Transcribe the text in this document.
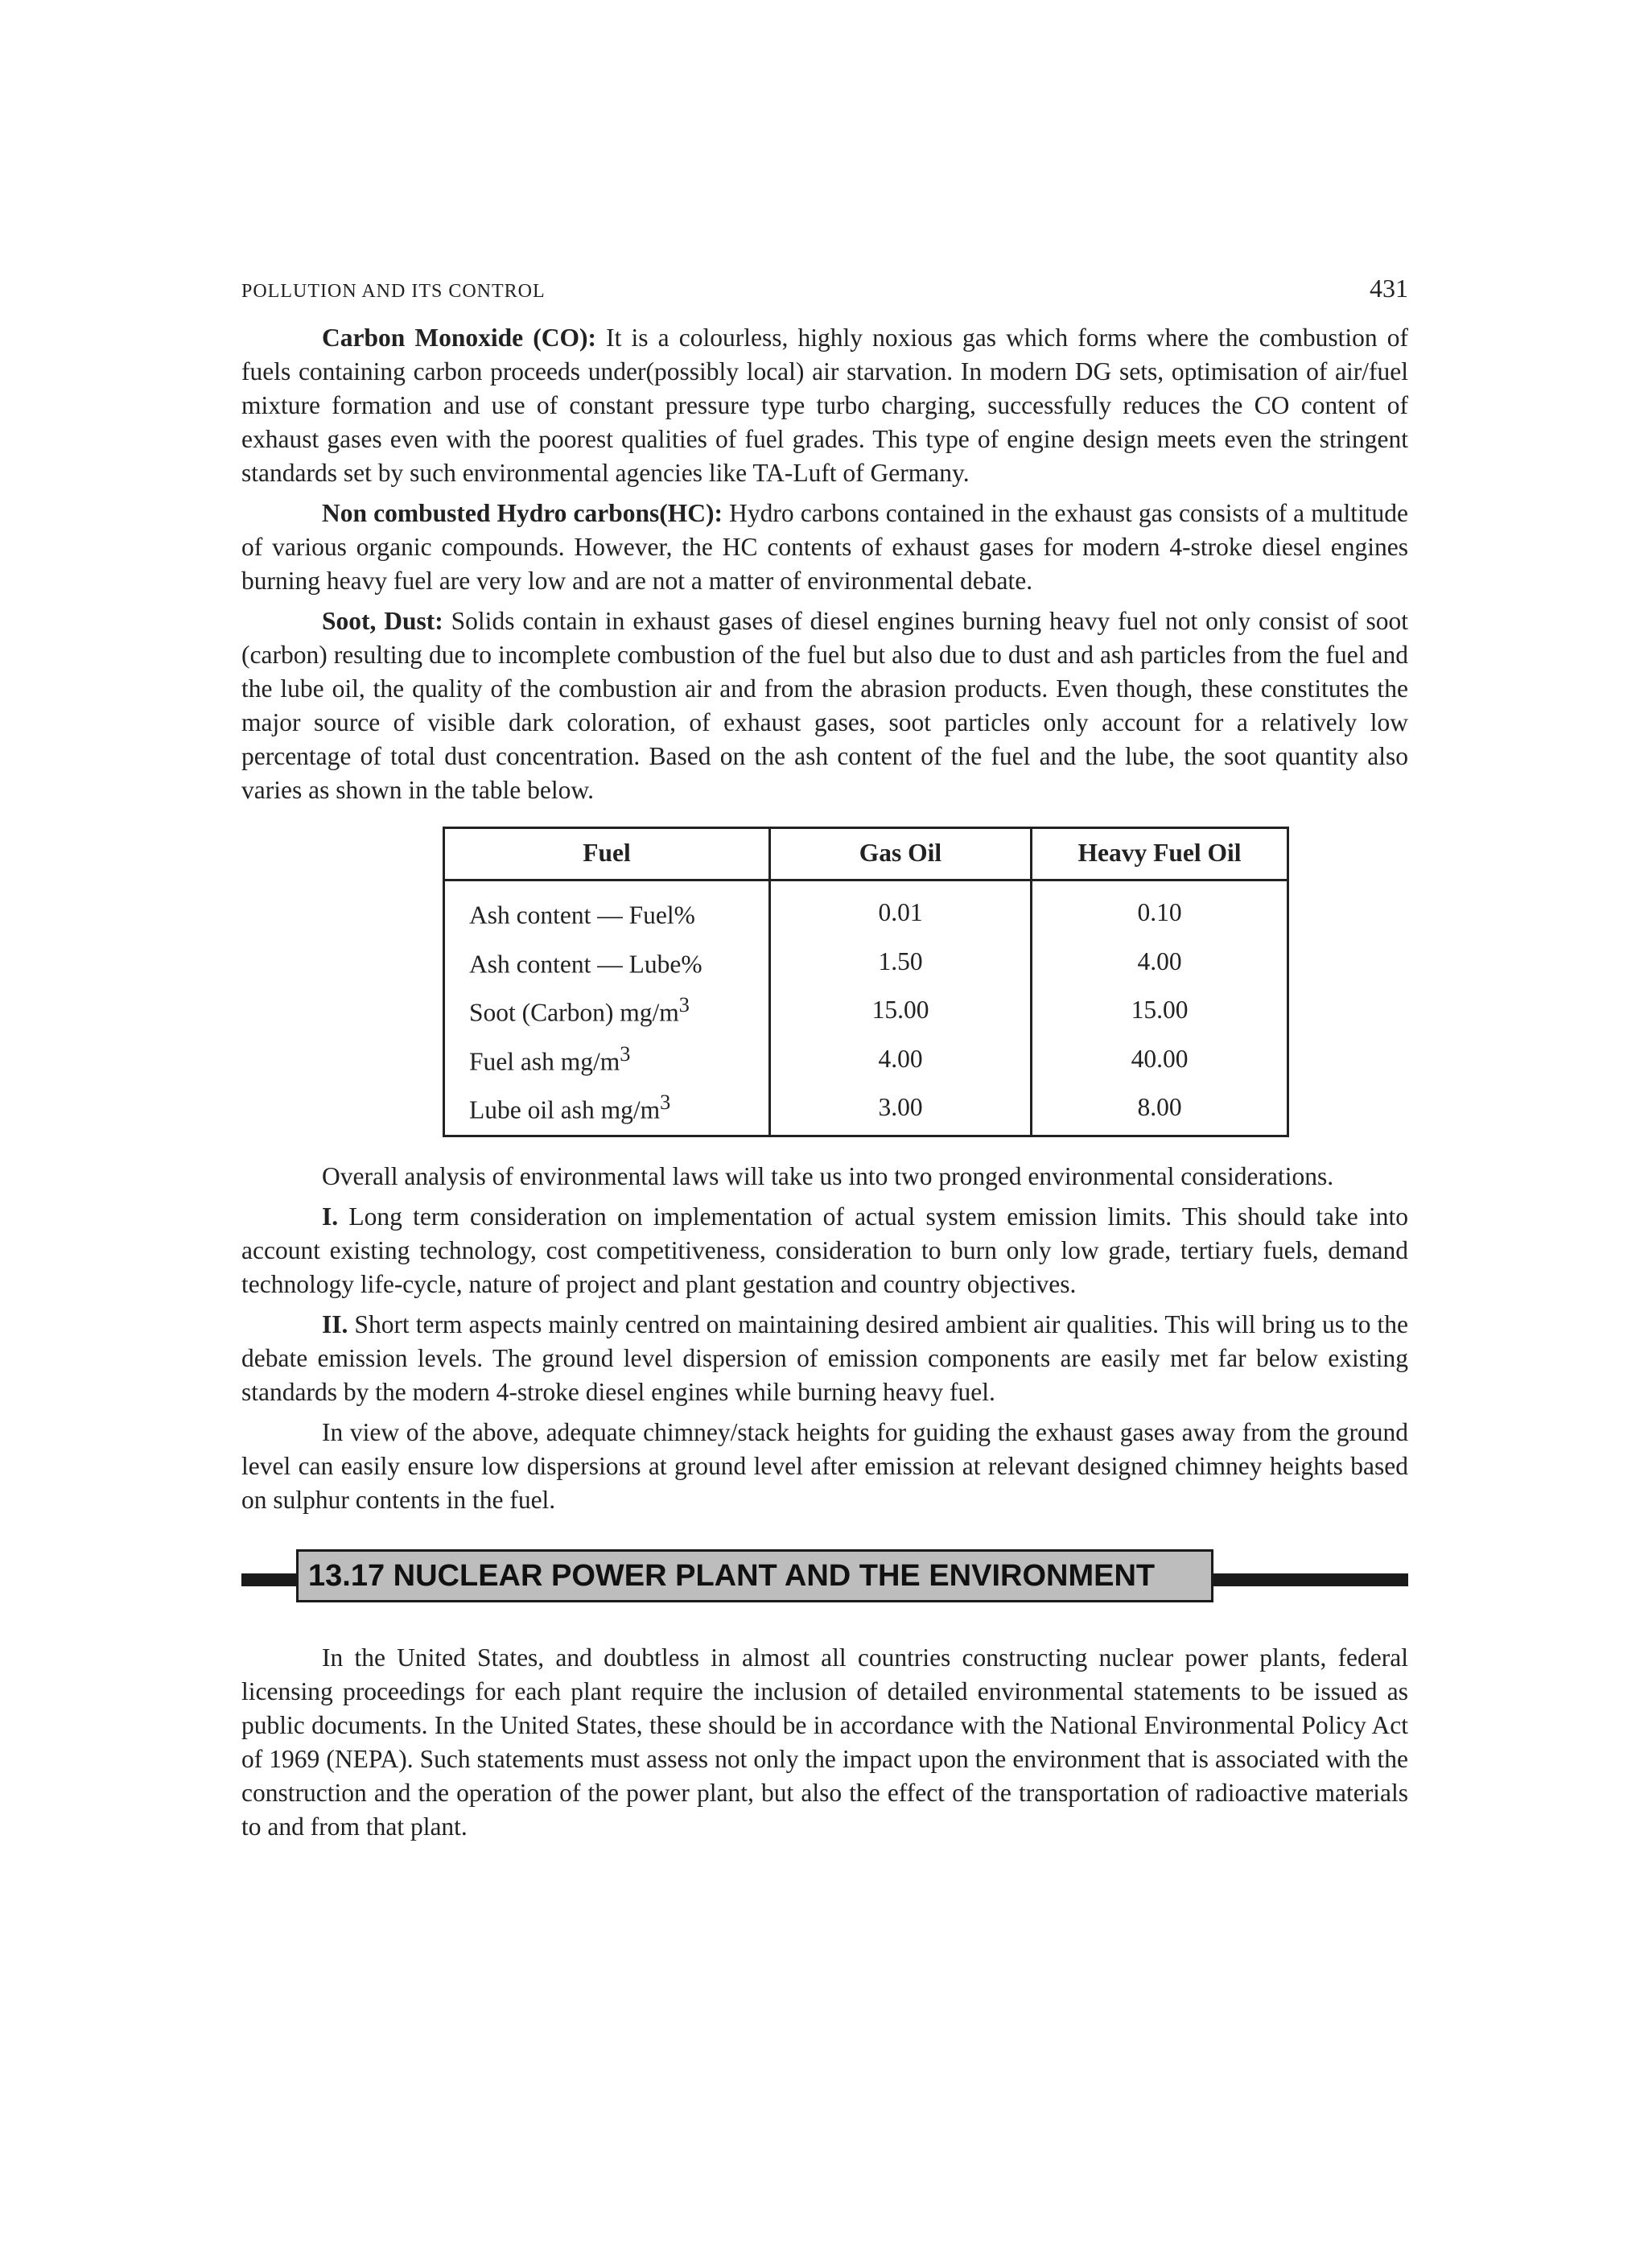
POLLUTION AND ITS CONTROL	431

Carbon Monoxide (CO): It is a colourless, highly noxious gas which forms where the combustion of fuels containing carbon proceeds under(possibly local) air starvation. In modern DG sets, optimisation of air/fuel mixture formation and use of constant pressure type turbo charging, successfully reduces the CO content of exhaust gases even with the poorest qualities of fuel grades. This type of engine design meets even the stringent standards set by such environmental agencies like TA-Luft of Germany.

Non combusted Hydro carbons(HC): Hydro carbons contained in the exhaust gas consists of a multitude of various organic compounds. However, the HC contents of exhaust gases for modern 4-stroke diesel engines burning heavy fuel are very low and are not a matter of environmental debate.

Soot, Dust: Solids contain in exhaust gases of diesel engines burning heavy fuel not only consist of soot (carbon) resulting due to incomplete combustion of the fuel but also due to dust and ash particles from the fuel and the lube oil, the quality of the combustion air and from the abrasion products. Even though, these constitutes the major source of visible dark coloration, of exhaust gases, soot particles only account for a relatively low percentage of total dust concentration. Based on the ash content of the fuel and the lube, the soot quantity also varies as shown in the table below.

Fuel	Gas Oil	Heavy Fuel Oil
Ash content — Fuel%	0.01	0.10
Ash content — Lube%	1.50	4.00
Soot (Carbon) $mg/m^3$	15.00	15.00
Fuel ash $mg/m^3$	4.00	40.00
Lube oil ash $mg/m^3$	3.00	8.00

Overall analysis of environmental laws will take us into two pronged environmental considerations.

I. Long term consideration on implementation of actual system emission limits. This should take into account existing technology, cost competitiveness, consideration to burn only low grade, tertiary fuels, demand technology life-cycle, nature of project and plant gestation and country objectives.

II. Short term aspects mainly centred on maintaining desired ambient air qualities. This will bring us to the debate emission levels. The ground level dispersion of emission components are easily met far below existing standards by the modern 4-stroke diesel engines while burning heavy fuel.

In view of the above, adequate chimney/stack heights for guiding the exhaust gases away from the ground level can easily ensure low dispersions at ground level after emission at relevant designed chimney heights based on sulphur contents in the fuel.

13.17 NUCLEAR POWER PLANT AND THE ENVIRONMENT

In the United States, and doubtless in almost all countries constructing nuclear power plants, federal licensing proceedings for each plant require the inclusion of detailed environmental statements to be issued as public documents. In the United States, these should be in accordance with the National Environmental Policy Act of 1969 (NEPA). Such statements must assess not only the impact upon the environment that is associated with the construction and the operation of the power plant, but also the effect of the transportation of radioactive materials to and from that plant.
